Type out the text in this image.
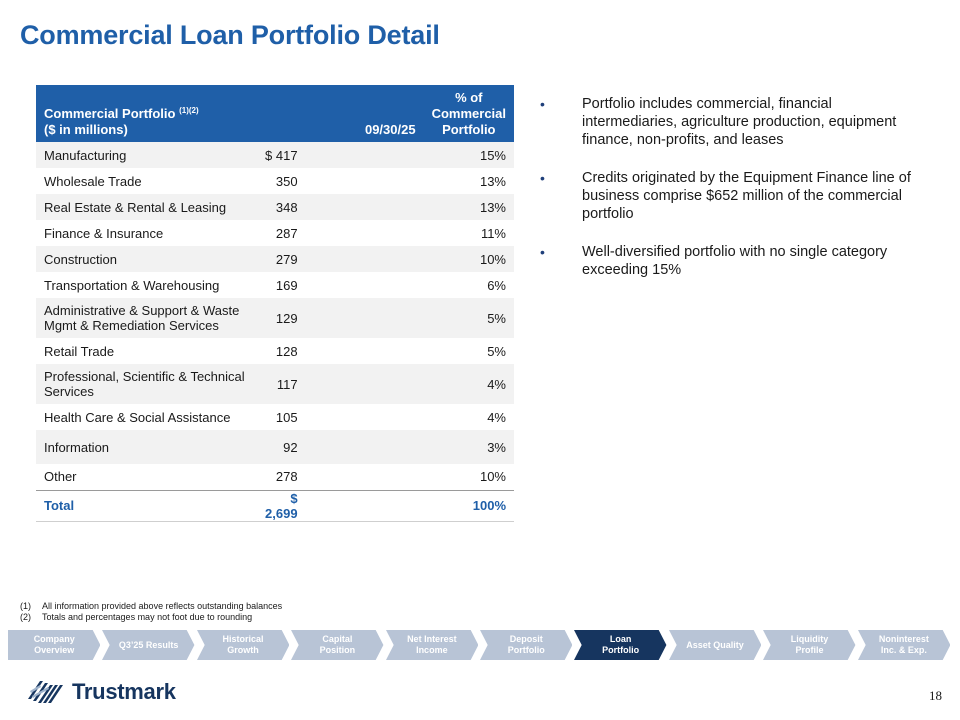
Commercial Loan Portfolio Detail
Commercial Portfolio $^{(1)(2)}$
($ in millions)	09/30/25	% of
Commercial
Portfolio
Manufacturing	$ 417	15%
Wholesale Trade	350	13%
Real Estate & Rental & Leasing	348	13%
Finance & Insurance	287	11%
Construction	279	10%
Transportation & Warehousing	169	6%
Administrative & Support & Waste Mgmt & Remediation Services	129	5%
Retail Trade	128	5%
Professional, Scientific & Technical Services	117	4%
Health Care & Social Assistance	105	4%
Information	92	3%
Other	278	10%
Total	$ 2,699	100%
•	Portfolio includes commercial, financial intermediaries, agriculture production, equipment finance, non-profits, and leases
•	Credits originated by the Equipment Finance line of business comprise $652 million of the commercial portfolio
•	Well-diversified portfolio with no single category exceeding 15%
(1)	All information provided above reflects outstanding balances
(2)	Totals and percentages may not foot due to rounding
Company
Overview
Q3’25 Results
Historical
Growth
Capital
Position
Net Interest
Income
Deposit
Portfolio
Loan
Portfolio
Asset Quality
Liquidity
Profile
Noninterest
Inc. & Exp.
Trustmark	18
